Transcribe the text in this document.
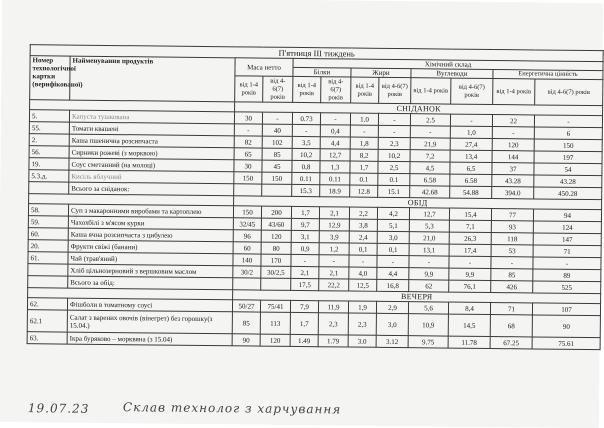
П'ятниця ІІІ тиждень											
Номер технологічної картки (верифікованої)	Найменування продуктів	Маса нетто		Хімічний склад							
				Білки		Жири		Вуглеводи		Енергетична цінність	
		від 1-4 років	від 4-6(7) років	від 1-4 років	від 4-6(7) років	від 1-4 років	від 4-6(7) років	від 1-4 років	від 4-6(7) років	від 1-4 років	від 4-6(7) років
		СНІДАНОК									
5.	Капуста тушкована	30	-	0.73	-	1.0	-	2.5	-	22	-
55.	Томати квашені	-	40	-	0,4	-	-	-	1,0	-	6
2.	Каша пшенична розсипчаста	82	102	3,5	4,4	1,8	2,3	21,9	27,4	120	150
56.	Сирники рожеві (з морквою)	65	85	10,2	12,7	8,2	10,2	7,2	13,4	144	197
19.	Соус сметанний (на молоці)	30	45	0,8	1,3	1,7	2,5	4,5	6,5	37	54
5.3.д.	Кисіль яблучний	150	150	0.11	0.11	0.1	0.1	6.58	6.58	43.28	43.28
	Всього за сніданок:			15.3	18.9	12.8	15.1	42.68	54.88	394.0	450.28
		ОБІД									
58.	Суп з макаронними виробами та картоплею	150	200	1,7	2,1	2,2	4,2	12,7	15,4	77	94
59.	Чахохбілі з м'ясом курки	32/45	43/60	9,7	12,9	3,8	5,1	5,3	7,1	93	124
60.	Каша ячна розсипчаста з цибулею	96	120	3,1	3,9	2,4	3,0	21,0	26,3	118	147
20.	Фрукти свіжі (банани)	60	80	0,9	1,2	0,1	0,1	13,1	17,4	53	71
61.	Чай (трав'яний)	140	170	-	-	-	-	-	-	-	-
	Хліб цільнозерновий з вершковим маслом	30/2	30/2,5	2,1	2,1	4,0	4,4	9,9	9,9	85	89
	Всього за обід:			17,5	22,2	12,5	16,8	62	76,1	426	525
		ВЕЧЕРЯ									
62.	Фішболи в томатному соусі	50/27	75/41	7,9	11,9	1,9	2,9	5,6	8,4	71	107
62.1	Салат з варених овочів (вінегрет) без горошку(з 15.04.)	85	113	1,7	2,3	2,3	3,0	10,9	14,5	68	90
63.	Ікра буряково – морквяна (з 15.04)	90	120	1.49	1.79	3.0	3.12	9.75	11.78	67.25	75.61
19.07.23	Склав технолог з харчування
